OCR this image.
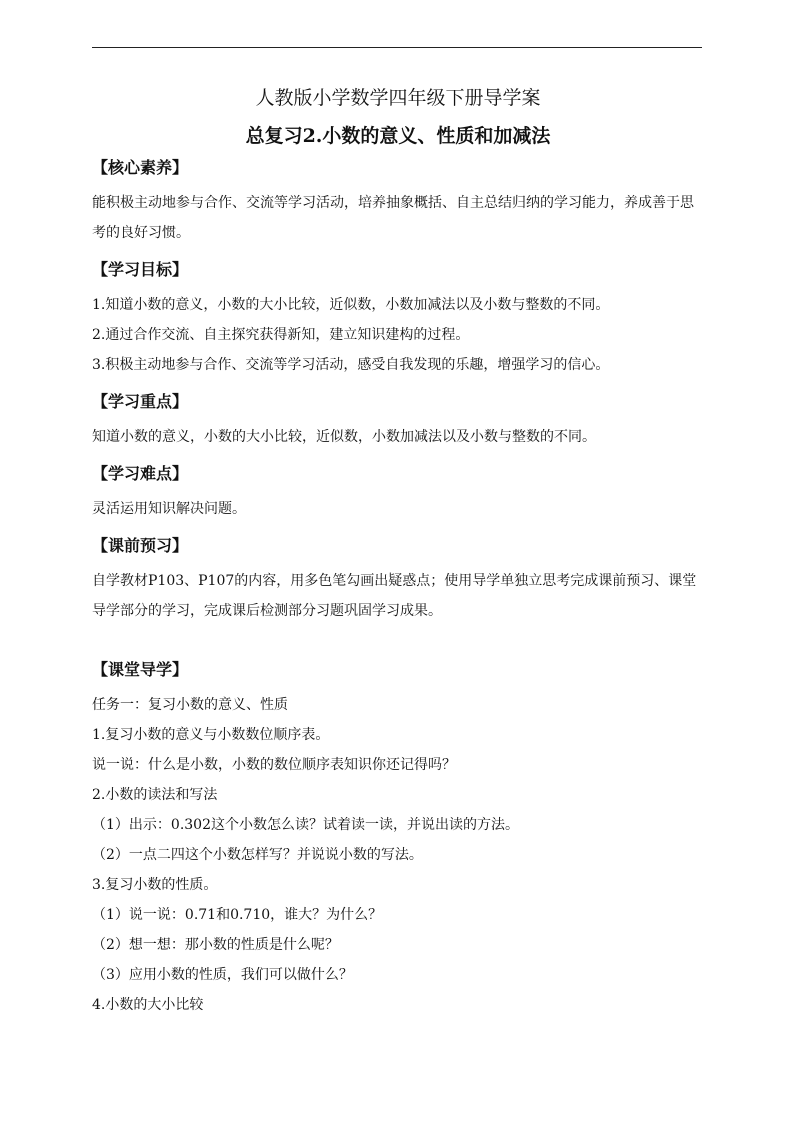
人教版小学数学四年级下册导学案

总复习2.小数的意义、性质和加减法

【核心素养】

能积极主动地参与合作、交流等学习活动，培养抽象概括、自主总结归纳的学习能力，养成善于思考的良好习惯。

【学习目标】

1.知道小数的意义，小数的大小比较，近似数，小数加减法以及小数与整数的不同。

2.通过合作交流、自主探究获得新知，建立知识建构的过程。

3.积极主动地参与合作、交流等学习活动，感受自我发现的乐趣，增强学习的信心。

【学习重点】

知道小数的意义，小数的大小比较，近似数，小数加减法以及小数与整数的不同。

【学习难点】

灵活运用知识解决问题。

【课前预习】

自学教材P103、P107的内容，用多色笔勾画出疑惑点；使用导学单独立思考完成课前预习、课堂导学部分的学习，完成课后检测部分习题巩固学习成果。

【课堂导学】

任务一：复习小数的意义、性质

1.复习小数的意义与小数数位顺序表。

说一说：什么是小数，小数的数位顺序表知识你还记得吗？

2.小数的读法和写法

（1）出示：0.302这个小数怎么读？试着读一读，并说出读的方法。

（2）一点二四这个小数怎样写？并说说小数的写法。

3.复习小数的性质。

（1）说一说：0.71和0.710，谁大？为什么？

（2）想一想：那小数的性质是什么呢？

（3）应用小数的性质，我们可以做什么？

4.小数的大小比较
